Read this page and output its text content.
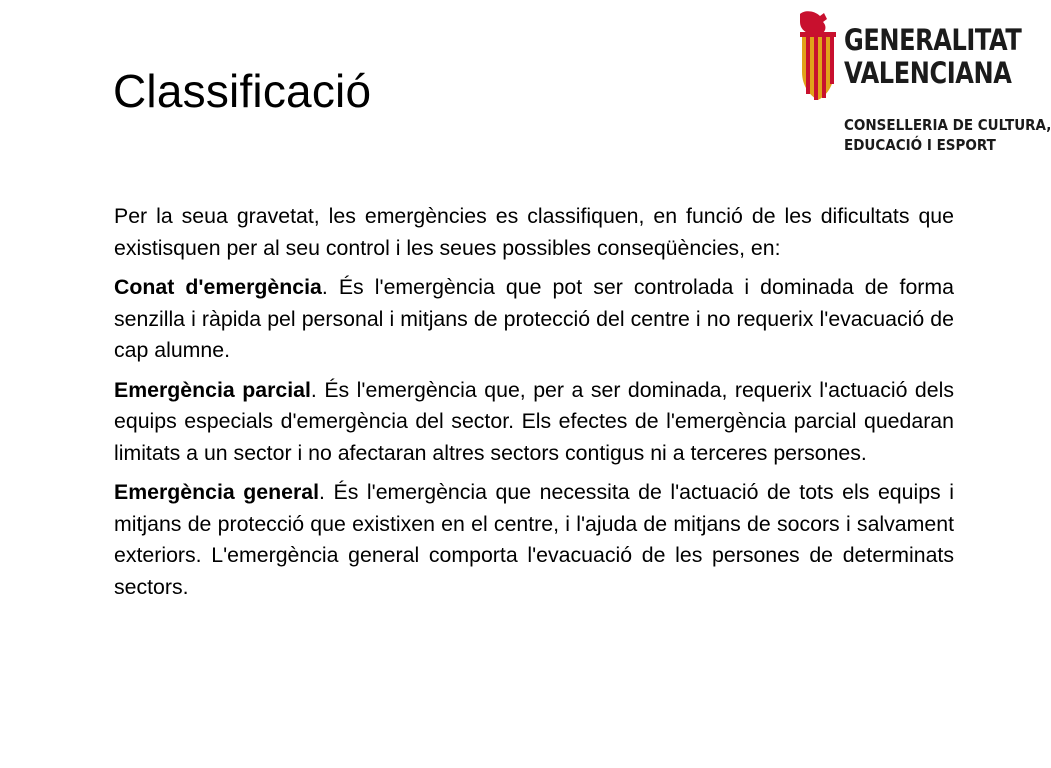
Classificació
GENERALITAT
VALENCIANA
CONSELLERIA DE CULTURA,
EDUCACIÓ I ESPORT

Per la seua gravetat, les emergències es classifiquen, en funció de les dificultats que existisquen per al seu control i les seues possibles conseqüències, en:

Conat d'emergència. És l'emergència que pot ser controlada i dominada de forma senzilla i ràpida pel personal i mitjans de protecció del centre i no requerix l'evacuació de cap alumne.

Emergència parcial. És l'emergència que, per a ser dominada, requerix l'actuació dels equips especials d'emergència del sector. Els efectes de l'emergència parcial quedaran limitats a un sector i no afectaran altres sectors contigus ni a terceres persones.

Emergència general. És l'emergència que necessita de l'actuació de tots els equips i mitjans de protecció que existixen en el centre, i l'ajuda de mitjans de socors i salvament exteriors. L'emergència general comporta l'evacuació de les persones de determinats sectors.
